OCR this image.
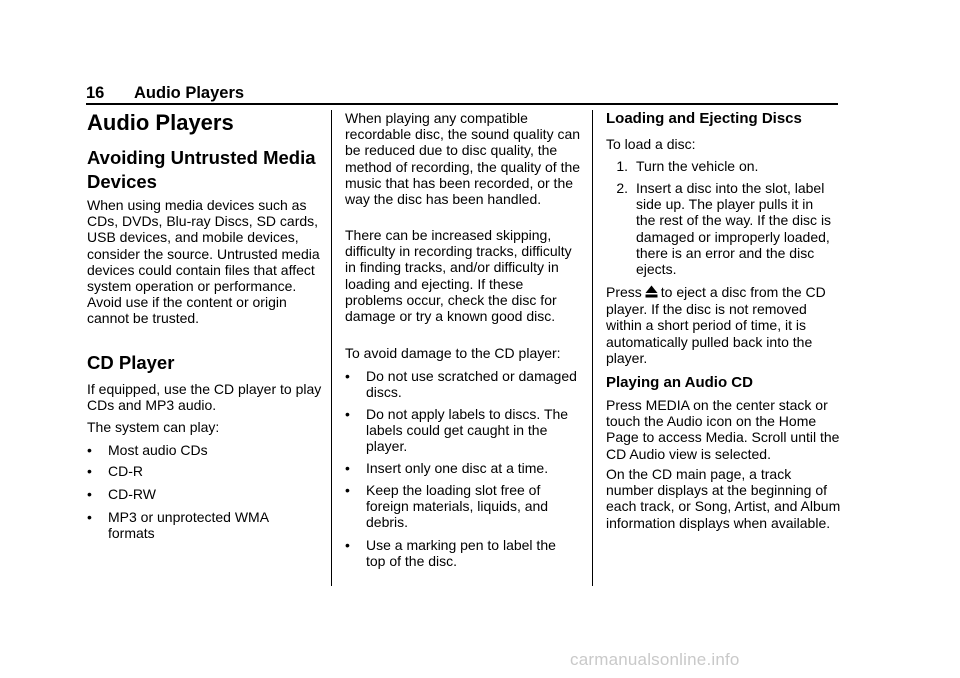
16 Audio Players
Audio Players
Avoiding Untrusted Media Devices

When using media devices such as CDs, DVDs, Blu-ray Discs, SD cards, USB devices, and mobile devices, consider the source. Untrusted media devices could contain files that affect system operation or performance. Avoid use if the content or origin cannot be trusted.

CD Player

If equipped, use the CD player to play CDs and MP3 audio.

The system can play:

• Most audio CDs
• CD-R
• CD-RW
• MP3 or unprotected WMA formats

When playing any compatible recordable disc, the sound quality can be reduced due to disc quality, the method of recording, the quality of the music that has been recorded, or the way the disc has been handled.

There can be increased skipping, difficulty in recording tracks, difficulty in finding tracks, and/or difficulty in loading and ejecting. If these problems occur, check the disc for damage or try a known good disc.

To avoid damage to the CD player:

• Do not use scratched or damaged discs.
• Do not apply labels to discs. The labels could get caught in the player.
• Insert only one disc at a time.
• Keep the loading slot free of foreign materials, liquids, and debris.
• Use a marking pen to label the top of the disc.
Loading and Ejecting Discs

To load a disc:

1. Turn the vehicle on.
2. Insert a disc into the slot, label side up. The player pulls it in the rest of the way. If the disc is damaged or improperly loaded, there is an error and the disc ejects.

Press to eject a disc from the CD player. If the disc is not removed within a short period of time, it is automatically pulled back into the player.

Playing an Audio CD

Press MEDIA on the center stack or touch the Audio icon on the Home Page to access Media. Scroll until the CD Audio view is selected.

On the CD main page, a track number displays at the beginning of each track, or Song, Artist, and Album information displays when available.

carmanualsonline.info
